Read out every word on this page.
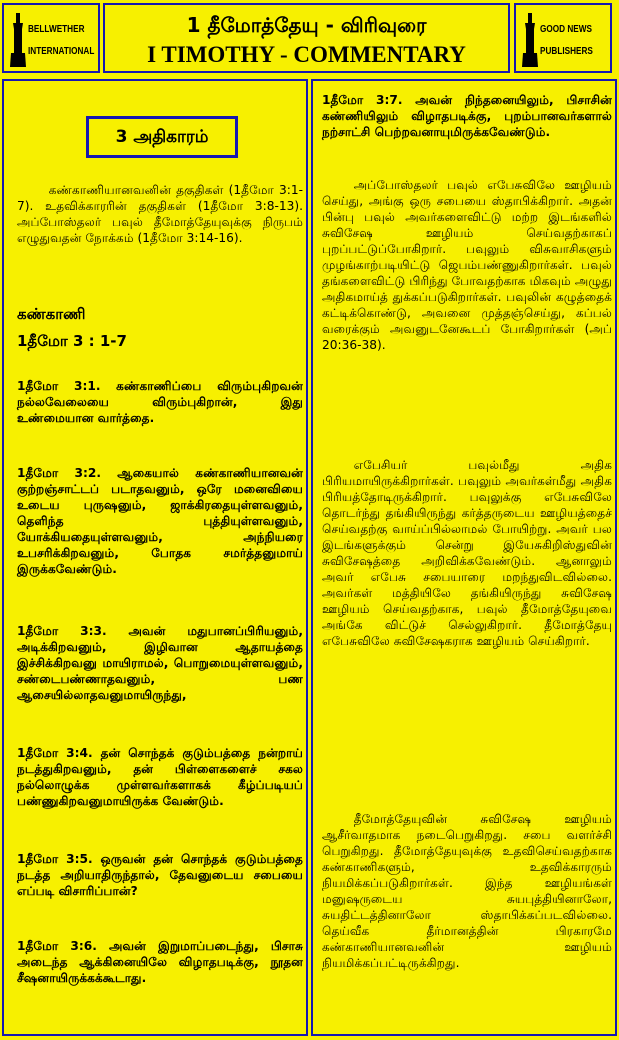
BELLWETHER
INTERNATIONAL
1 தீமோத்தேயு - விரிவுரை
I TIMOTHY - COMMENTARY
GOOD NEWS
PUBLISHERS
3 அதிகாரம்
கண்காணியானவனின் தகுதிகள் (1தீமோ 3:1-7). உதவிக்காரரின் தகுதிகள் (1தீமோ 3:8-13). அப்போஸ்தலர் பவுல் தீமோத்தேயுவுக்கு நிருபம் எழுதுவதன் நோக்கம் (1தீமோ 3:14-16).
கண்காணி
1தீமோ 3 : 1-7
1தீமோ 3:1. கண்காணிப்பை விரும்புகிறவன் நல்லவேலையை விரும்புகிறான், இது உண்மையான வார்த்தை.
1தீமோ 3:2. ஆகையால் கண்காணியானவன் குற்றஞ்சாட்டப் படாதவனும், ஒரே மனைவியை உடைய புருஷனும், ஜாக்கிரதையுள்ளவனும், தெளிந்த புத்தியுள்ளவனும், யோக்கியதையுள்ளவனும், அந்நியரை உபசரிக்கிறவனும், போதக சமர்த்தனுமாய் இருக்கவேண்டும்.
1தீமோ 3:3. அவன் மதுபானப்பிரியனும், அடிக்கிறவனும், இழிவான ஆதாயத்தை இச்சிக்கிறவனு மாயிராமல், பொறுமையுள்ளவனும், சண்டைபண்ணாதவனும், பண ஆசையில்லாதவனுமாயிருந்து,
1தீமோ 3:4. தன் சொந்தக் குடும்பத்தை நன்றாய் நடத்துகிறவனும், தன் பிள்ளைகளைச் சகல நல்லொழுக்க முள்ளவர்களாகக் கீழ்ப்படியப் பண்ணுகிறவனுமாயிருக்க வேண்டும்.
1தீமோ 3:5. ஒருவன் தன் சொந்தக் குடும்பத்தை நடத்த அறியாதிருந்தால், தேவனுடைய சபையை எப்படி விசாரிப்பான்?
1தீமோ 3:6. அவன் இறுமாப்படைந்து, பிசாசு அடைந்த ஆக்கினையிலே விழாதபடிக்கு, நூதன சீஷனாயிருக்கக்கூடாது.
1தீமோ 3:7. அவன் நிந்தனையிலும், பிசாசின் கண்ணியிலும் விழாதபடிக்கு, புறம்பானவர்களால் நற்சாட்சி பெற்றவனாயுமிருக்கவேண்டும்.
அப்போஸ்தலர் பவுல் எபேசுவிலே ஊழியம் செய்து, அங்கு ஒரு சபையை ஸ்தாபிக்கிறார். அதன் பின்பு பவுல் அவர்களைவிட்டு மற்ற இடங்களில் சுவிசேஷ ஊழியம் செய்வதற்காகப் புறப்பட்டுப்போகிறார். பவுலும் விசுவாசிகளும் முழங்காற்படியிட்டு ஜெபம்பண்ணுகிறார்கள். பவுல் தங்களைவிட்டு பிரிந்து போவதற்காக மிகவும் அழுது அதிகமாய்த் துக்கப்படுகிறார்கள். பவுலின் கழுத்தைக் கட்டிக்கொண்டு, அவனை முத்தஞ்செய்து, கப்பல் வரைக்கும் அவனுடனேகூடப் போகிறார்கள் (அப் 20:36-38).
எபேசியர் பவுல்மீது அதிக பிரியமாயிருக்கிறார்கள். பவுலும் அவர்கள்மீது அதிக பிரியத்தோடிருக்கிறார். பவுலுக்கு எபேசுவிலே தொடர்ந்து தங்கியிருந்து கர்த்தருடைய ஊழியத்தைச் செய்வதற்கு வாய்ப்பில்லாமல் போயிற்று. அவர் பல இடங்களுக்கும் சென்று இயேசுகிறிஸ்துவின் சுவிசேஷத்தை அறிவிக்கவேண்டும். ஆனாலும் அவர் எபேசு சபையாரை மறந்துவிடவில்லை. அவர்கள் மத்தியிலே தங்கியிருந்து சுவிசேஷ ஊழியம் செய்வதற்காக, பவுல் தீமோத்தேயுவை அங்கே விட்டுச் செல்லுகிறார். தீமோத்தேயு எபேசுவிலே சுவிசேஷகராக ஊழியம் செய்கிறார்.
தீமோத்தேயுவின் சுவிசேஷ ஊழியம் ஆசீர்வாதமாக நடைபெறுகிறது. சபை வளர்ச்சி பெறுகிறது. தீமோத்தேயுவுக்கு உதவிசெய்வதற்காக கண்காணிகளும், உதவிக்காரரும் நியமிக்கப்படுகிறார்கள். இந்த ஊழியங்கள் மனுஷருடைய சுயபுத்தியினாலோ, சுயதிட்டத்தினாலோ ஸ்தாபிக்கப்படவில்லை. தெய்வீக தீர்மானத்தின் பிரகாரமே கண்காணியானவனின் ஊழியம் நியமிக்கப்பட்டிருக்கிறது.
